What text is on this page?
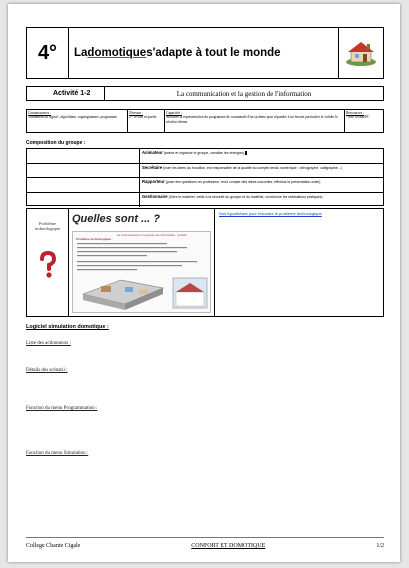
4°	La domotique s'adapte à tout le monde
Activité 1-2	La communication et la gestion de l'information
Connaissances :
Traitement du signal ; algorithme, organigramme, programme
Niveaux :
2 - Je sais en parler
Capacités :
Modifier la représentation du programme de commande d'un système pour répondre à un besoin particulier et valider le résultat obtenu.
Ressources :
- Site TechnoPC
Composition du groupe :
Animateur (anime et organise le groupe, canalise les énergies)
Secrétaire (note les idées du brouillon, est responsable de la qualité du compte-rendu numérique : orthographe, calligraphie...)
Rapporteur (pose des questions au professeur, rend compte des idées nouvelles, effectue la présentation orale)
Gestionnaire (Gère le matériel, veille à la sécurité du groupe et du matériel, coordonne les réalisations pratiques)
Problème technologique
Quelles sont ... ?
La communication et la gestion de l'information - Activité
Problème technologique
Nos hypothèses pour résoudre le problème technologique
Logiciel simulation domotique :
Liste des actionneurs :
Détails des scénarii :
Fonction du menu Programmation :
Fonction du menu Simulation :
College Chante Cigale	CONFORT ET DOMOTIQUE	1/2
